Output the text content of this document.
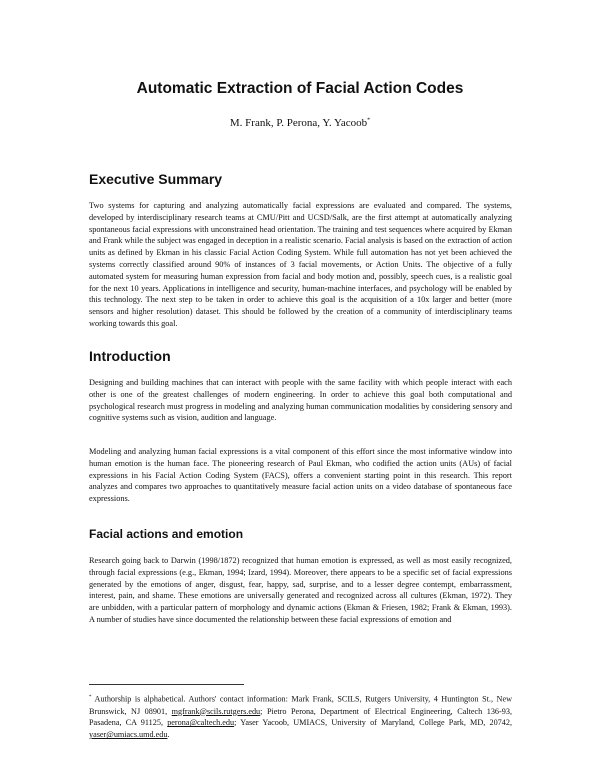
Automatic Extraction of Facial Action Codes
M. Frank, P. Perona, Y. Yacoob*
Executive Summary

Two systems for capturing and analyzing automatically facial expressions are evaluated and compared. The systems, developed by interdisciplinary research teams at CMU/Pitt and UCSD/Salk, are the first attempt at automatically analyzing spontaneous facial expressions with unconstrained head orientation. The training and test sequences where acquired by Ekman and Frank while the subject was engaged in deception in a realistic scenario. Facial analysis is based on the extraction of action units as defined by Ekman in his classic Facial Action Coding System. While full automation has not yet been achieved the systems correctly classified around 90% of instances of 3 facial movements, or Action Units. The objective of a fully automated system for measuring human expression from facial and body motion and, possibly, speech cues, is a realistic goal for the next 10 years. Applications in intelligence and security, human-machine interfaces, and psychology will be enabled by this technology. The next step to be taken in order to achieve this goal is the acquisition of a 10x larger and better (more sensors and higher resolution) dataset. This should be followed by the creation of a community of interdisciplinary teams working towards this goal.

Introduction

Designing and building machines that can interact with people with the same facility with which people interact with each other is one of the greatest challenges of modern engineering. In order to achieve this goal both computational and psychological research must progress in modeling and analyzing human communication modalities by considering sensory and cognitive systems such as vision, audition and language.

Modeling and analyzing human facial expressions is a vital component of this effort since the most informative window into human emotion is the human face. The pioneering research of Paul Ekman, who codified the action units (AUs) of facial expressions in his Facial Action Coding System (FACS), offers a convenient starting point in this research. This report analyzes and compares two approaches to quantitatively measure facial action units on a video database of spontaneous face expressions.

Facial actions and emotion

Research going back to Darwin (1998/1872) recognized that human emotion is expressed, as well as most easily recognized, through facial expressions (e.g., Ekman, 1994; Izard, 1994). Moreover, there appears to be a specific set of facial expressions generated by the emotions of anger, disgust, fear, happy, sad, surprise, and to a lesser degree contempt, embarrassment, interest, pain, and shame. These emotions are universally generated and recognized across all cultures (Ekman, 1972). They are unbidden, with a particular pattern of morphology and dynamic actions (Ekman & Friesen, 1982; Frank & Ekman, 1993). A number of studies have since documented the relationship between these facial expressions of emotion and

* Authorship is alphabetical. Authors' contact information: Mark Frank, SCILS, Rutgers University, 4 Huntington St., New Brunswick, NJ 08901, mgfrank@scils.rutgers.edu; Pietro Perona, Department of Electrical Engineering, Caltech 136-93, Pasadena, CA 91125, perona@caltech.edu; Yaser Yacoob, UMIACS, University of Maryland, College Park, MD, 20742, yaser@umiacs.umd.edu.
